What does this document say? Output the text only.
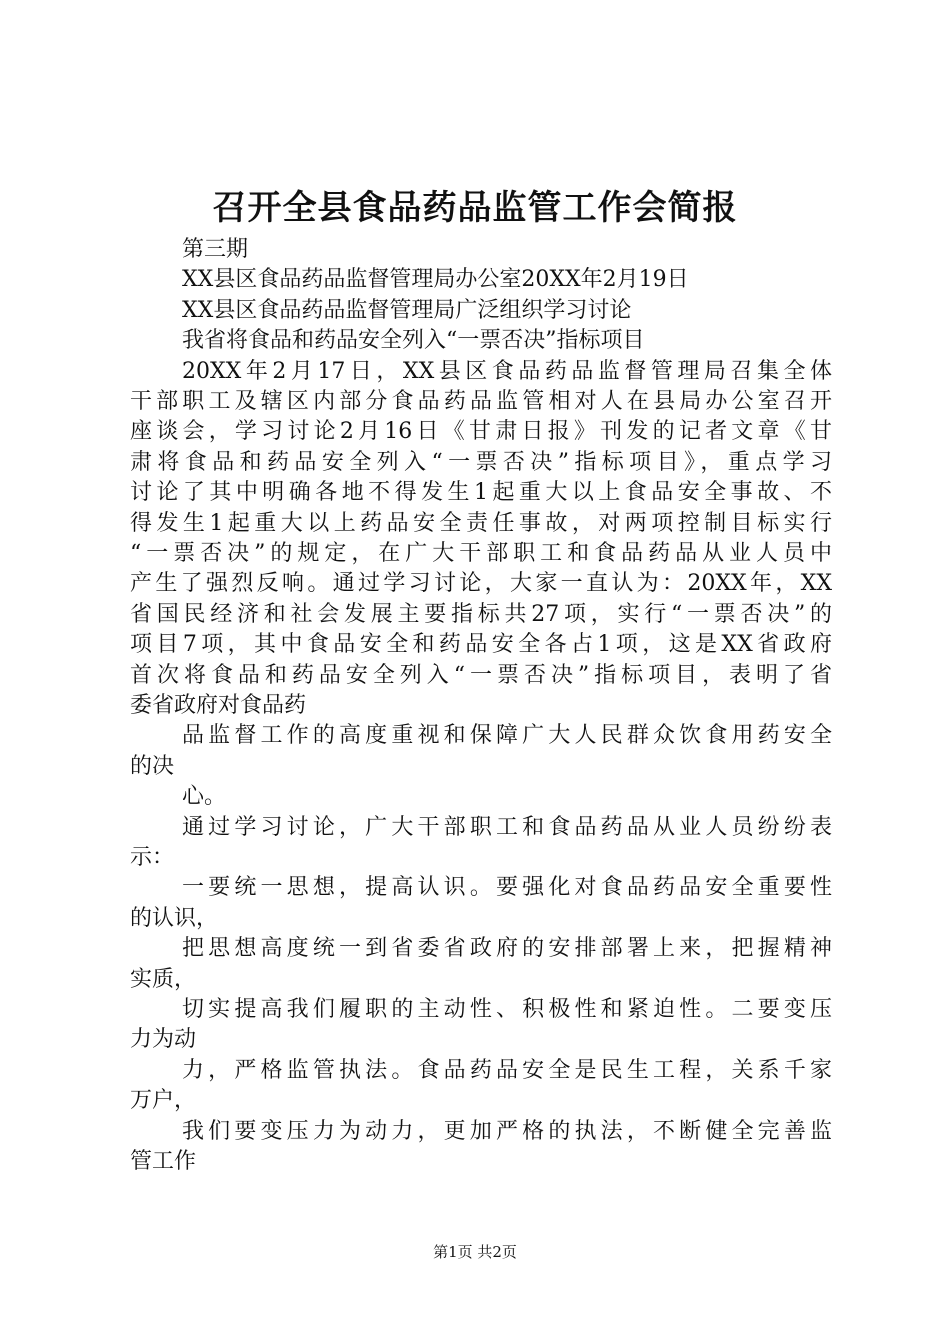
召开全县食品药品监管工作会简报
第三期
XX县区食品药品监督管理局办公室20XX年2月19日
XX县区食品药品监督管理局广泛组织学习讨论
我省将食品和药品安全列入“一票否决”指标项目
20XX年2月17日，XX县区食品药品监督管理局召集全体
干部职工及辖区内部分食品药品监管相对人在县局办公室召开
座谈会，学习讨论2月16日《甘肃日报》刊发的记者文章《甘
肃将食品和药品安全列入“一票否决”指标项目》，重点学习
讨论了其中明确各地不得发生1起重大以上食品安全事故、不
得发生1起重大以上药品安全责任事故，对两项控制目标实行
“一票否决”的规定，在广大干部职工和食品药品从业人员中
产生了强烈反响。通过学习讨论，大家一直认为：20XX年，XX
省国民经济和社会发展主要指标共27项，实行“一票否决”的
项目7项，其中食品安全和药品安全各占1项，这是XX省政府
首次将食品和药品安全列入“一票否决”指标项目，表明了省
委省政府对食品药
品监督工作的高度重视和保障广大人民群众饮食用药安全
的决
心。
通过学习讨论，广大干部职工和食品药品从业人员纷纷表
示：
一要统一思想，提高认识。要强化对食品药品安全重要性
的认识，
把思想高度统一到省委省政府的安排部署上来，把握精神
实质，
切实提高我们履职的主动性、积极性和紧迫性。二要变压
力为动
力，严格监管执法。食品药品安全是民生工程，关系千家
万户，
我们要变压力为动力，更加严格的执法，不断健全完善监
管工作
第1页 共2页
